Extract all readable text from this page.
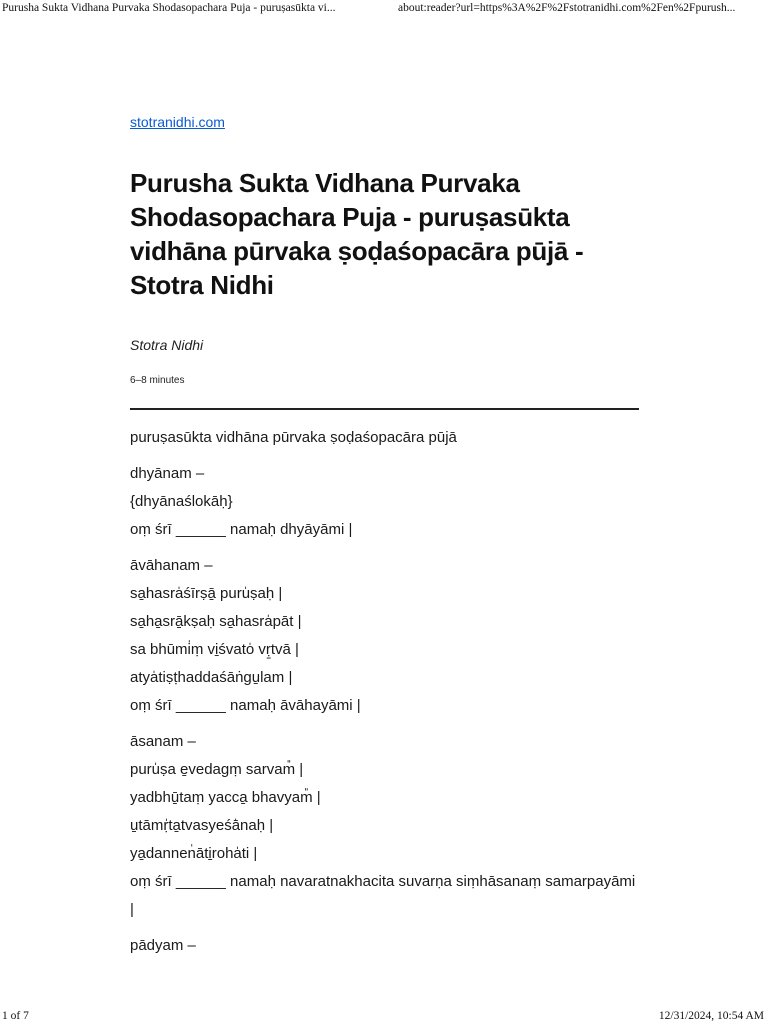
Purusha Sukta Vidhana Purvaka Shodasopachara Puja - puruṣasūkta vi...	about:reader?url=https%3A%2F%2Fstotranidhi.com%2Fen%2Fpurush...
stotranidhi.com
Purusha Sukta Vidhana Purvaka Shodasopachara Puja - puruṣasūkta vidhāna pūrvaka ṣoḍaśopacāra pūjā - Stotra Nidhi
Stotra Nidhi
6–8 minutes

puruṣasūkta vidhāna pūrvaka ṣoḍaśopacāra pūjā

dhyānam –

{dhyānaślokāḥ}

oṃ śrī ______ namaḥ dhyāyāmi |

āvāhanam –

sa̱hasra̍śīrṣā̱ puru̍ṣaḥ |

sa̱ha̱srā̱kṣaḥ sa̱hasra̍pāt |

sa bhūmi̍ṃ vi̱śvato̍ vṛ̱tvā |

atya̍tiṣṭhaddaśāṅgu̱lam |

oṃ śrī ______ namaḥ āvāhayāmi |

āsanam –

puru̍ṣa e̱vedagṃ sarvam̎ |

yadbhū̱taṃ yacca̱ bhavyam̎ |

u̱tāmṛ̍ta̱tvasyeśā̍naḥ |

ya̱dannen̍āti̱roha̍ti |

oṃ śrī ______ namaḥ navaratnakhacita suvarṇa siṃhāsanaṃ samarpayāmi |

pādyam –

1 of 7	12/31/2024, 10:54 AM
